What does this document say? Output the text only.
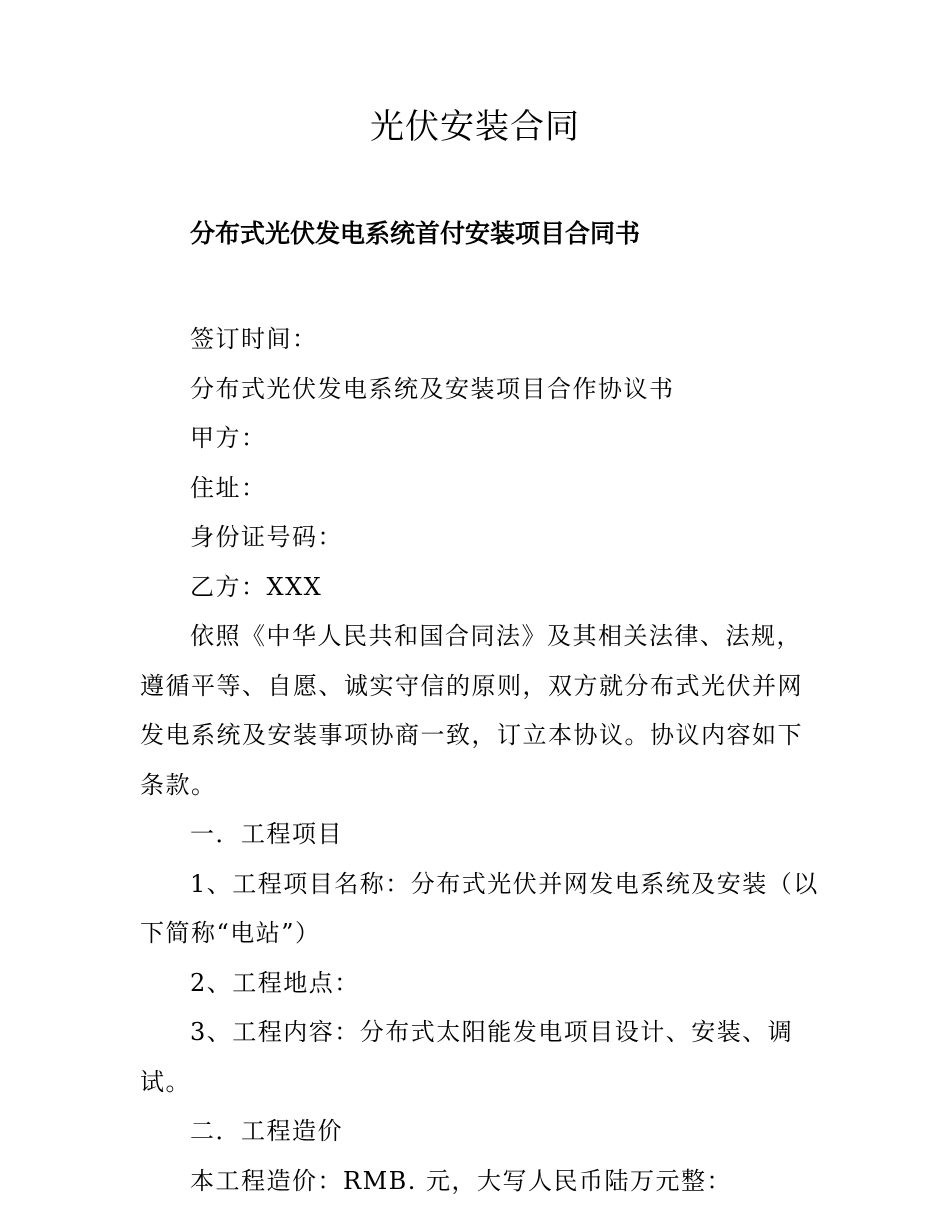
光伏安装合同
分布式光伏发电系统首付安装项目合同书

签订时间：

分布式光伏发电系统及安装项目合作协议书

甲方：

住址：

身份证号码：

乙方：XXX

依照《中华人民共和国合同法》及其相关法律、法规，遵循平等、自愿、诚实守信的原则，双方就分布式光伏并网发电系统及安装事项协商一致，订立本协议。协议内容如下条款。

一．工程项目

1、工程项目名称：分布式光伏并网发电系统及安装（以下简称“电站”）

2、工程地点：

3、工程内容：分布式太阳能发电项目设计、安装、调试。

二．工程造价

本工程造价：RMB. 元，大写人民币陆万元整：
